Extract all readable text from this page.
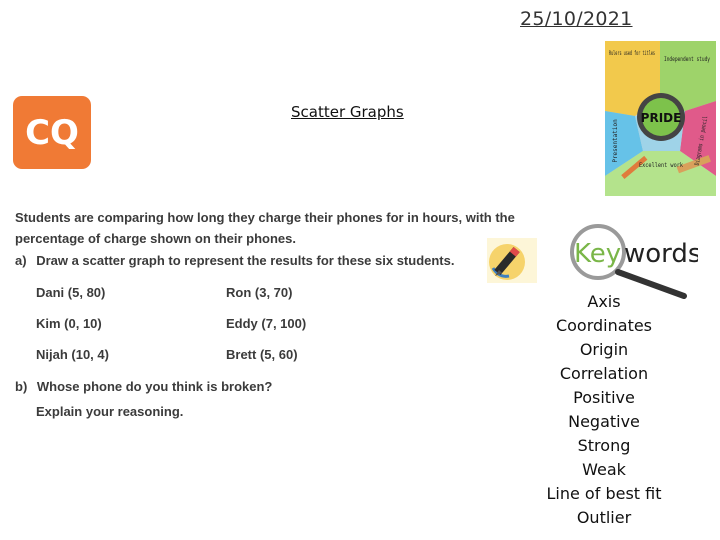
25/10/2021
CQ
Scatter Graphs	PRIDE
Rulers used for titles
Independent study
Presentation	Diagrams in pencil
Excellent work
Students are comparing how long they charge their phones for in hours, with the percentage of charge shown on their phones.
a) Draw a scatter graph to represent the results for these six students.
Dani (5, 80)	Ron (3, 70)
Kim (0, 10)	Eddy (7, 100)
Nijah (10, 4)	Brett (5, 60)
b) Whose phone do you think is broken?
Explain your reasoning.
Key words
Axis
Coordinates
Origin
Correlation
Positive
Negative
Strong
Weak
Line of best fit
Outlier
